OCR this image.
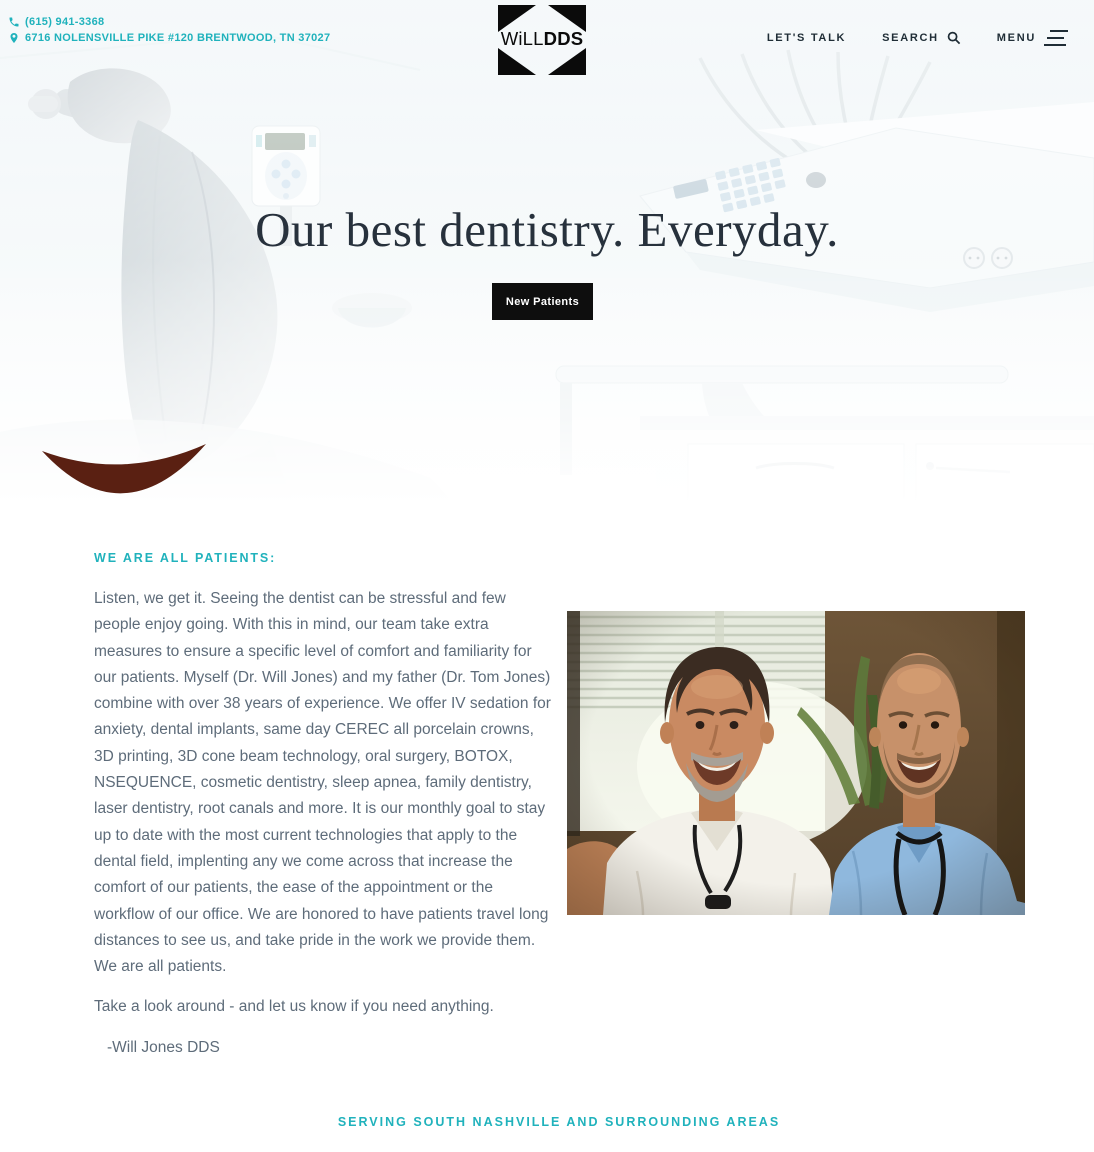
(615) 941-3368
6716 NOLENSVILLE PIKE #120 BRENTWOOD, TN 37027	WiLLDDS	LET'S TALK	SEARCH	MENU
Our best dentistry. Everyday.
New Patients
WE ARE ALL PATIENTS:

Listen, we get it. Seeing the dentist can be stressful and few people enjoy going. With this in mind, our team take extra measures to ensure a specific level of comfort and familiarity for our patients. Myself (Dr. Will Jones) and my father (Dr. Tom Jones) combine with over 38 years of experience. We offer IV sedation for anxiety, dental implants, same day CEREC all porcelain crowns, 3D printing, 3D cone beam technology, oral surgery, BOTOX, NSEQUENCE, cosmetic dentistry, sleep apnea, family dentistry, laser dentistry, root canals and more. It is our monthly goal to stay up to date with the most current technologies that apply to the dental field, implenting any we come across that increase the comfort of our patients, the ease of the appointment or the workflow of our office. We are honored to have patients travel long distances to see us, and take pride in the work we provide them. We are all patients.

Take a look around - and let us know if you need anything.

-Will Jones DDS

SERVING SOUTH NASHVILLE AND SURROUNDING AREAS
